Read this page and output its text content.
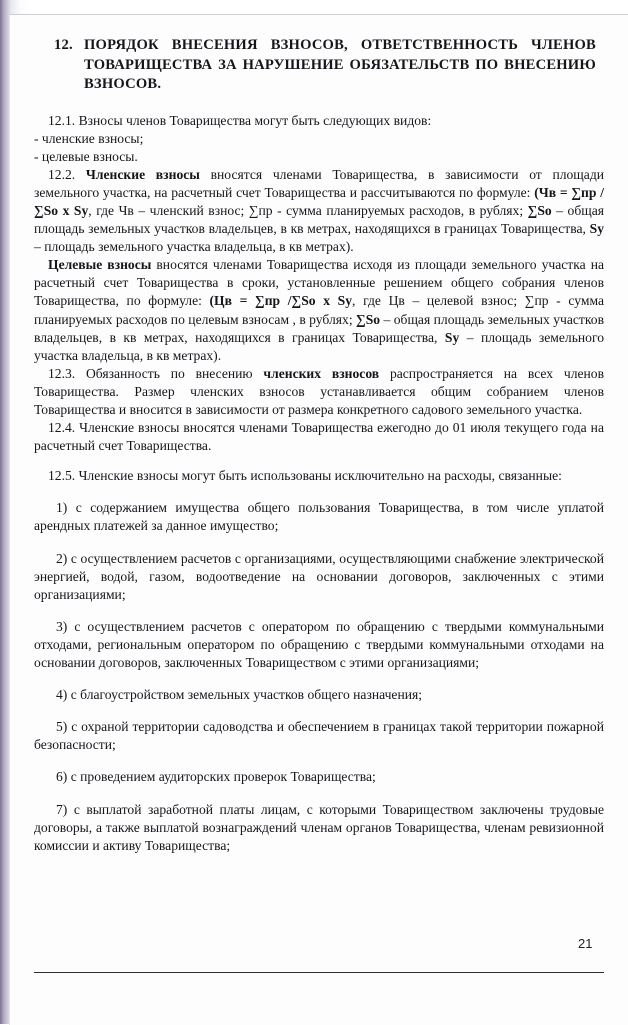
12. ПОРЯДОК ВНЕСЕНИЯ ВЗНОСОВ, ОТВЕТСТВЕННОСТЬ ЧЛЕНОВ ТОВАРИЩЕСТВА ЗА НАРУШЕНИЕ ОБЯЗАТЕЛЬСТВ ПО ВНЕСЕНИЮ ВЗНОСОВ.

12.1. Взносы членов Товарищества могут быть следующих видов:

- членские взносы;

- целевые взносы.

12.2. Членские взносы вносятся членами Товарищества, в зависимости от площади земельного участка, на расчетный счет Товарищества и рассчитываются по формуле: (Чв = ∑пр /∑Sо х Sу, где Чв – членский взнос; ∑пр - сумма планируемых расходов, в рублях; ∑Sо – общая площадь земельных участков владельцев, в кв метрах, находящихся в границах Товарищества, Sу – площадь земельного участка владельца, в кв метрах).

Целевые взносы вносятся членами Товарищества исходя из площади земельного участка на расчетный счет Товарищества в сроки, установленные решением общего собрания членов Товарищества, по формуле: (Цв = ∑пр /∑Sо х Sу, где Цв – целевой взнос; ∑пр - сумма планируемых расходов по целевым взносам , в рублях; ∑Sо – общая площадь земельных участков владельцев, в кв метрах, находящихся в границах Товарищества, Sу – площадь земельного участка владельца, в кв метрах).

12.3. Обязанность по внесению членских взносов распространяется на всех членов Товарищества. Размер членских взносов устанавливается общим собранием членов Товарищества и вносится в зависимости от размера конкретного садового земельного участка.

12.4. Членские взносы вносятся членами Товарищества ежегодно до 01 июля текущего года на расчетный счет Товарищества.

12.5. Членские взносы могут быть использованы исключительно на расходы, связанные:

1) с содержанием имущества общего пользования Товарищества, в том числе уплатой арендных платежей за данное имущество;

2) с осуществлением расчетов с организациями, осуществляющими снабжение электрической энергией, водой, газом, водоотведение на основании договоров, заключенных с этими организациями;

3) с осуществлением расчетов с оператором по обращению с твердыми коммунальными отходами, региональным оператором по обращению с твердыми коммунальными отходами на основании договоров, заключенных Товариществом с этими организациями;

4) с благоустройством земельных участков общего назначения;

5) с охраной территории садоводства и обеспечением в границах такой территории пожарной безопасности;

6) с проведением аудиторских проверок Товарищества;

7) с выплатой заработной платы лицам, с которыми Товариществом заключены трудовые договоры, а также выплатой вознаграждений членам органов Товарищества, членам ревизионной комиссии и активу Товарищества;

21
